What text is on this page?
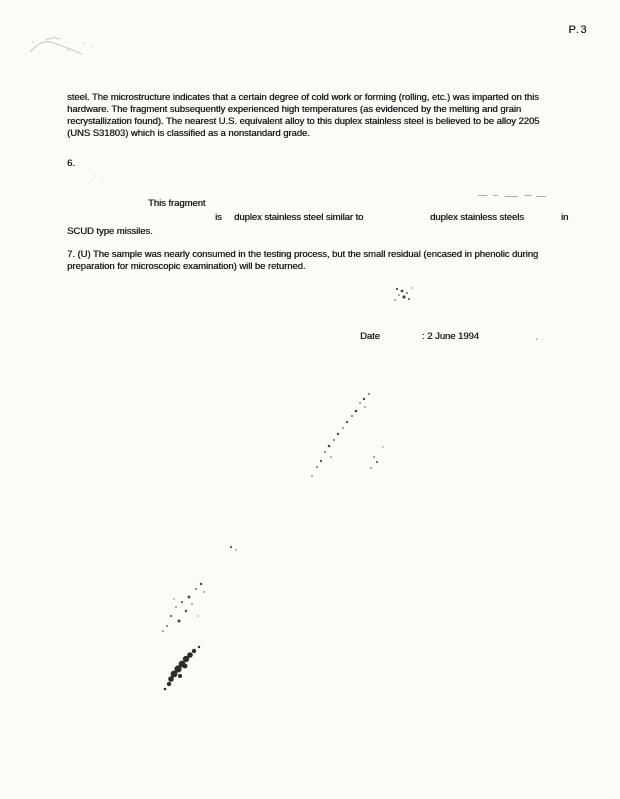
P.3
steel. The microstructure indicates that a certain degree of cold work or forming (rolling, etc.) was imparted on this
hardware. The fragment subsequently experienced high temperatures (as evidenced by the melting and grain
recrystallization found). The nearest U.S. equivalent alloy to this duplex stainless steel is believed to be alloy 2205
(UNS S31803) which is classified as a nonstandard grade.
6.
This fragment
is duplex stainless steel similar to	duplex stainless steels	in
SCUD type missiles.
7. (U) The sample was nearly consumed in the testing process, but the small residual (encased in phenolic during
preparation for microscopic examination) will be returned.
Date	: 2 June 1994
